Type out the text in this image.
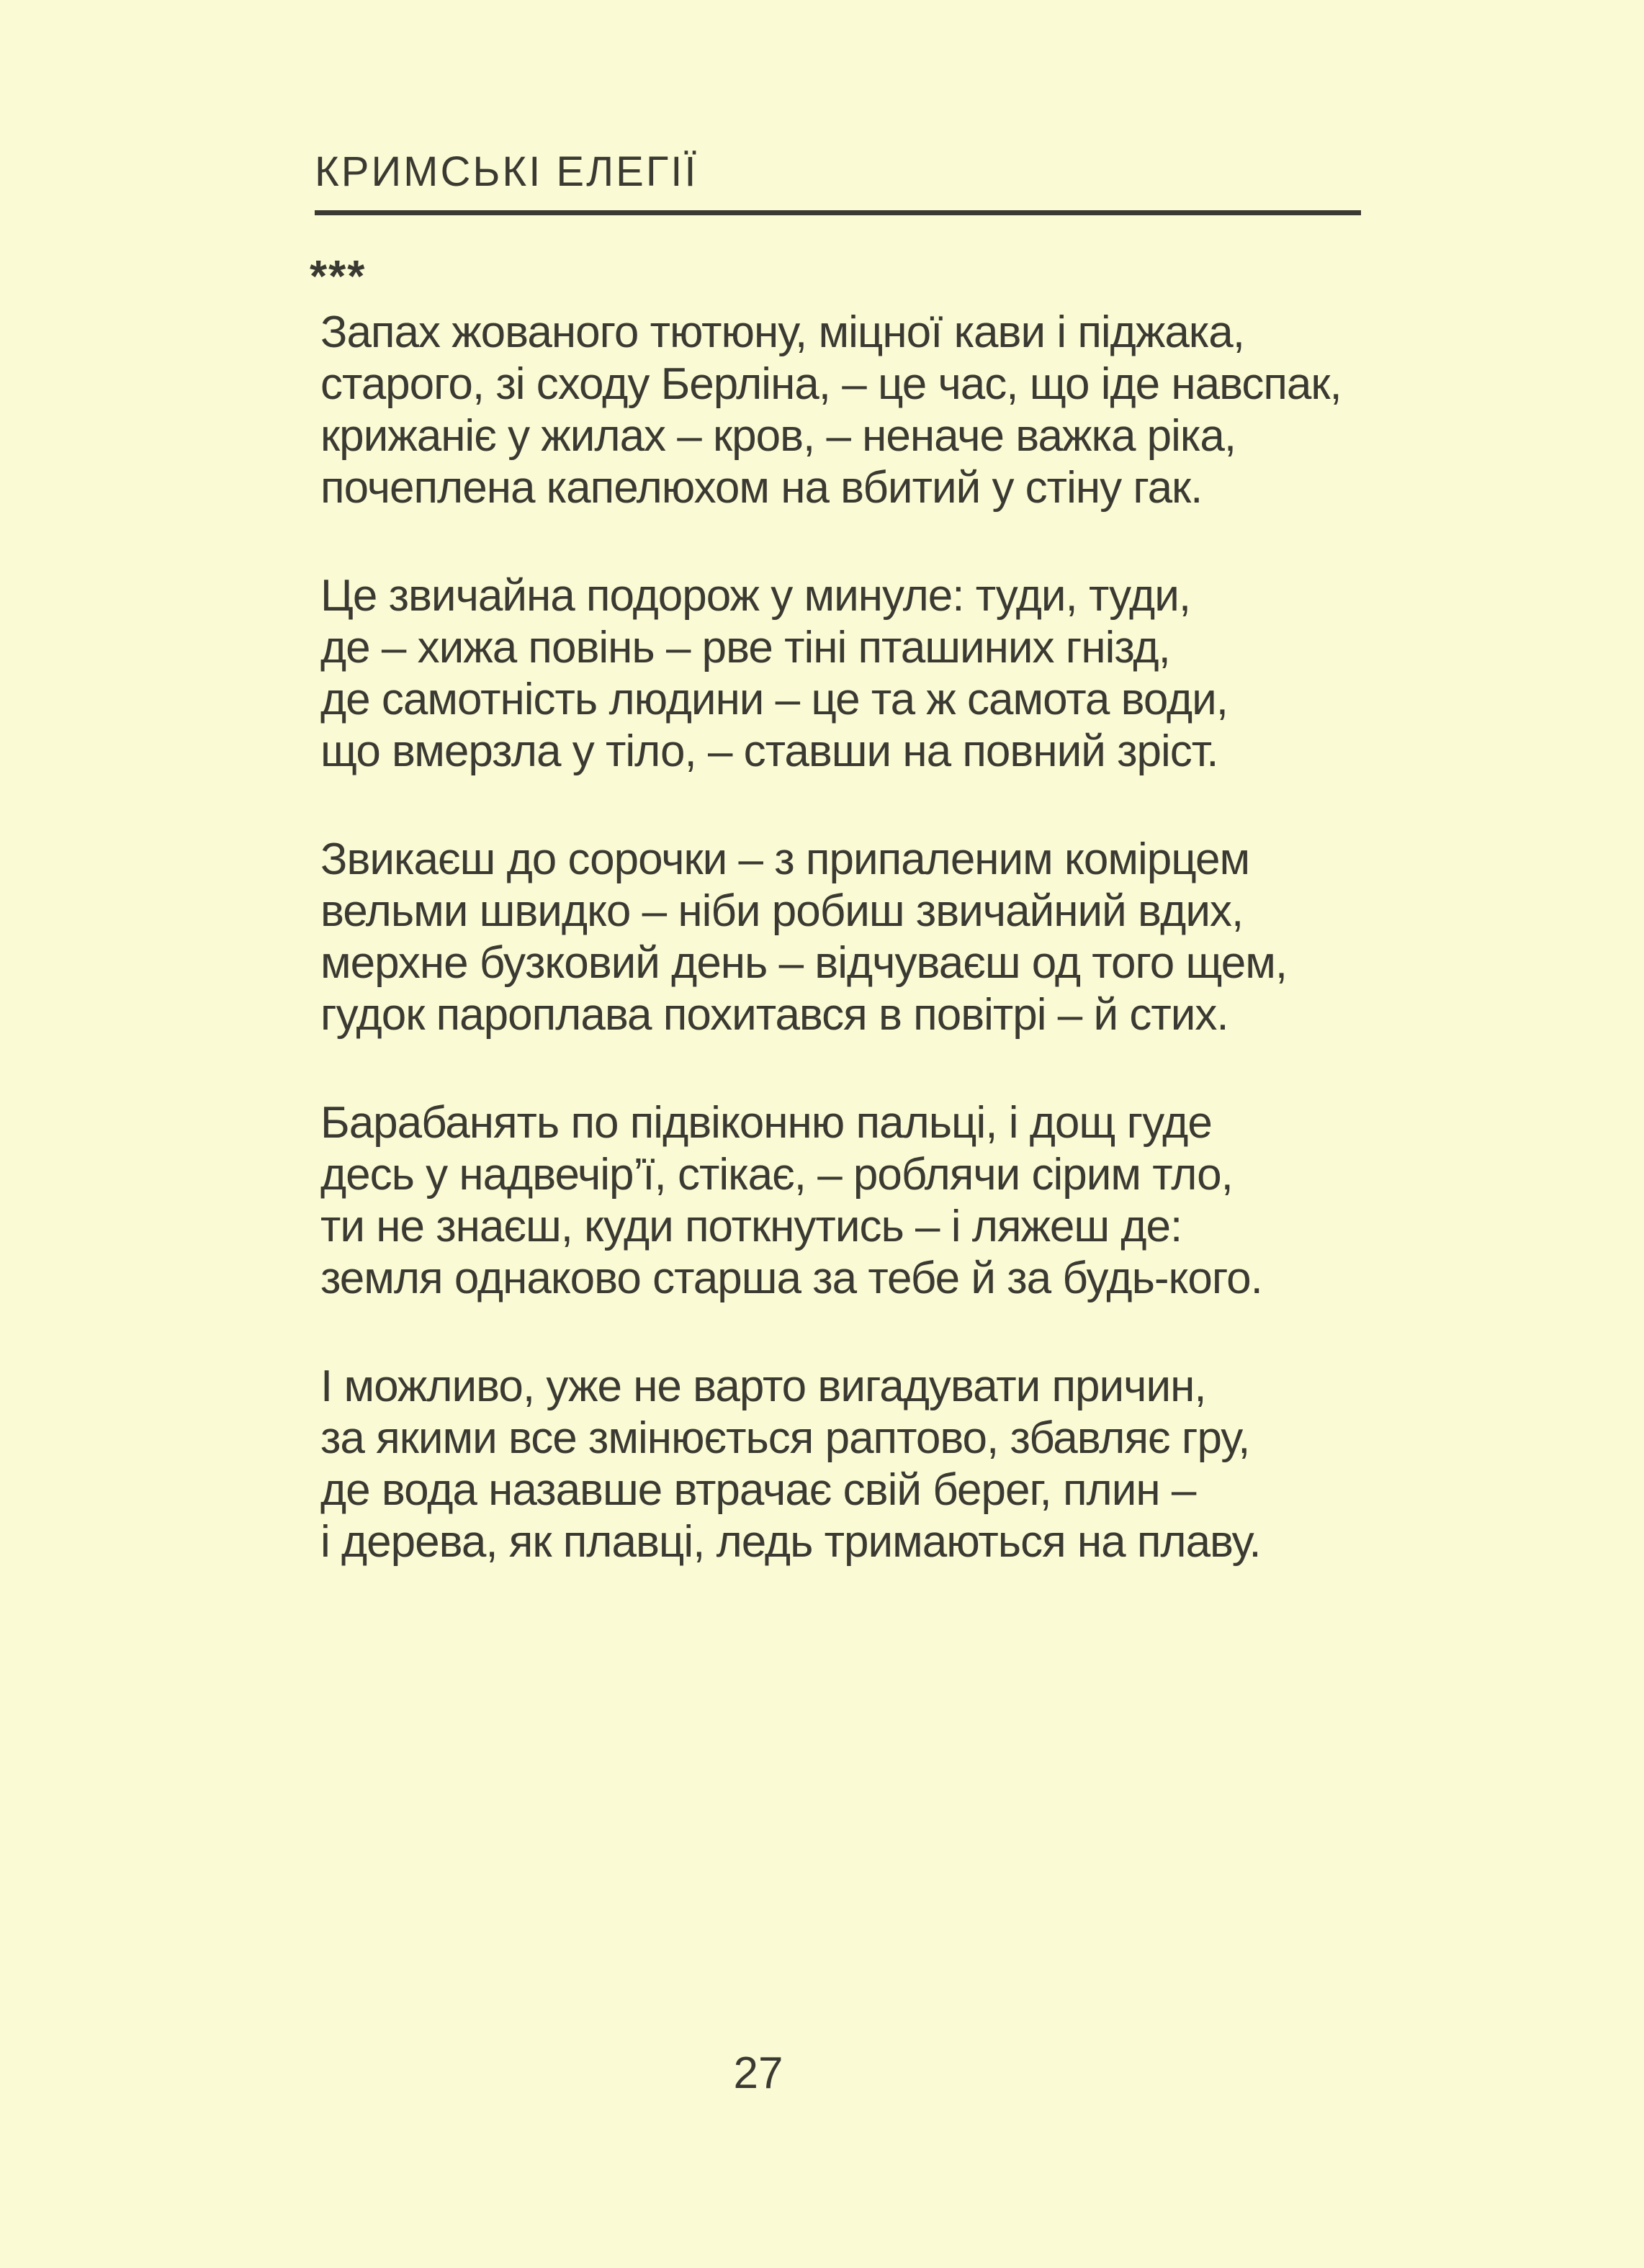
КРИМСЬКІ ЕЛЕГІЇ
***
Запах жованого тютюну, міцної кави і піджака,
старого, зі сходу Берліна, – це час, що іде навспак,
крижаніє у жилах – кров, – неначе важка ріка,
почеплена капелюхом на вбитий у стіну гак.
Це звичайна подорож у минуле: туди, туди,
де – хижа повінь – рве тіні пташиних гнізд,
де самотність людини – це та ж самота води,
що вмерзла у тіло, – ставши на повний зріст.
Звикаєш до сорочки – з припаленим комірцем
вельми швидко – ніби робиш звичайний вдих,
мерхне бузковий день – відчуваєш од того щем,
гудок пароплава похитався в повітрі – й стих.
Барабанять по підвіконню пальці, і дощ гуде
десь у надвечір’ї, стікає, – роблячи сірим тло,
ти не знаєш, куди поткнутись – і ляжеш де:
земля однаково старша за тебе й за будь-кого.
І можливо, уже не варто вигадувати причин,
за якими все змінюється раптово, збавляє гру,
де вода назавше втрачає свій берег, плин –
і дерева, як плавці, ледь тримаються на плаву.
27
